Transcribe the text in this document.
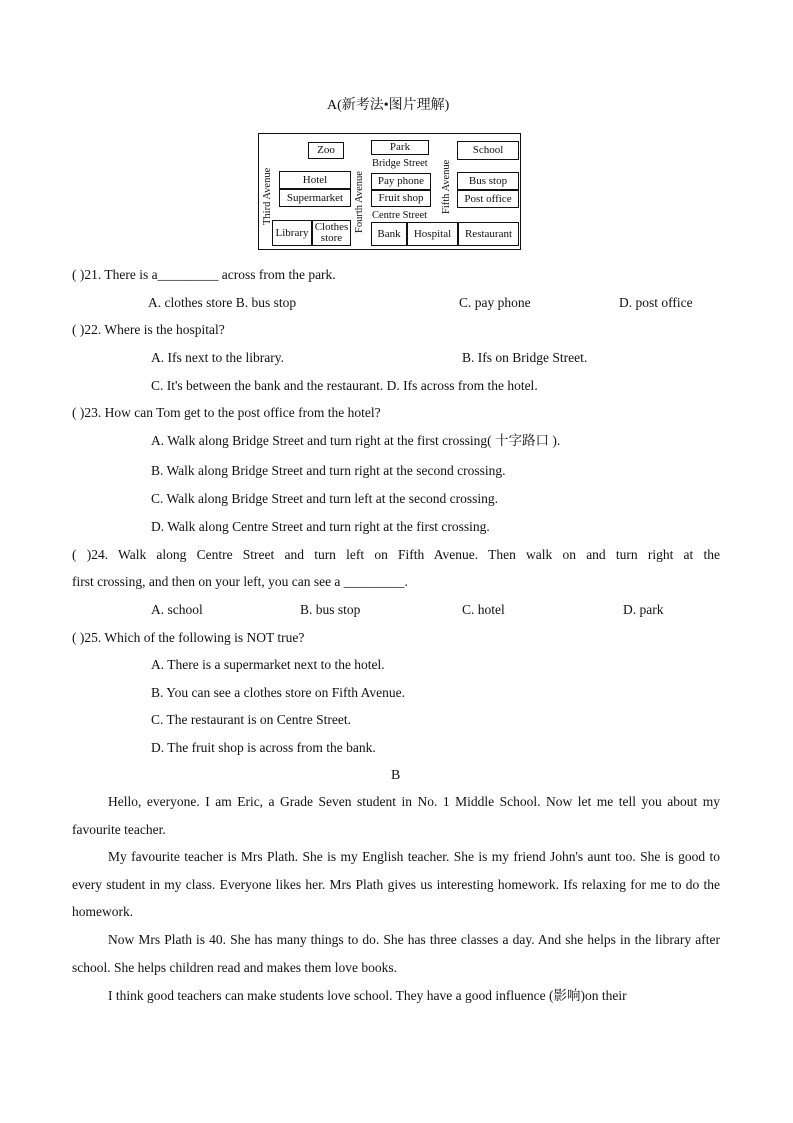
A(新考法•图片理解)
Zoo	Park	School
Bridge Street
Hotel	Pay phone	Bus stop
Supermarket	Fruit shop	Post office
Centre Street
Library Clothes
store	Bank	Hospital	Restaurant
Third Avenue	Fourth Avenue	Fifth Avenue
( )21. There is a_________ across from the park.
A. clothes store B. bus stop	C. pay phone	D. post office
( )22. Where is the hospital?
A. Ifs next to the library.	B. Ifs on Bridge Street.
C. It's between the bank and the restaurant. D. Ifs across from the hotel.
( )23. How can Tom get to the post office from the hotel?
A. Walk along Bridge Street and turn right at the first crossing( 十字路口 ).
B. Walk along Bridge Street and turn right at the second crossing.
C. Walk along Bridge Street and turn left at the second crossing.
D. Walk along Centre Street and turn right at the first crossing.
( )24. Walk along Centre Street and turn left on Fifth Avenue. Then walk on and turn right at the
first crossing, and then on your left, you can see a _________.
A. school	B. bus stop	C. hotel	D. park
( )25. Which of the following is NOT true?
A. There is a supermarket next to the hotel.
B. You can see a clothes store on Fifth Avenue.
C. The restaurant is on Centre Street.
D. The fruit shop is across from the bank.
B
Hello, everyone. I am Eric, a Grade Seven student in No. 1 Middle School. Now let me tell you about my favourite teacher.
My favourite teacher is Mrs Plath. She is my English teacher. She is my friend John's aunt too. She is good to every student in my class. Everyone likes her. Mrs Plath gives us interesting homework. Ifs relaxing for me to do the homework.
Now Mrs Plath is 40. She has many things to do. She has three classes a day. And she helps in the library after school. She helps children read and makes them love books.
I think good teachers can make students love school. They have a good influence (影响)on their
